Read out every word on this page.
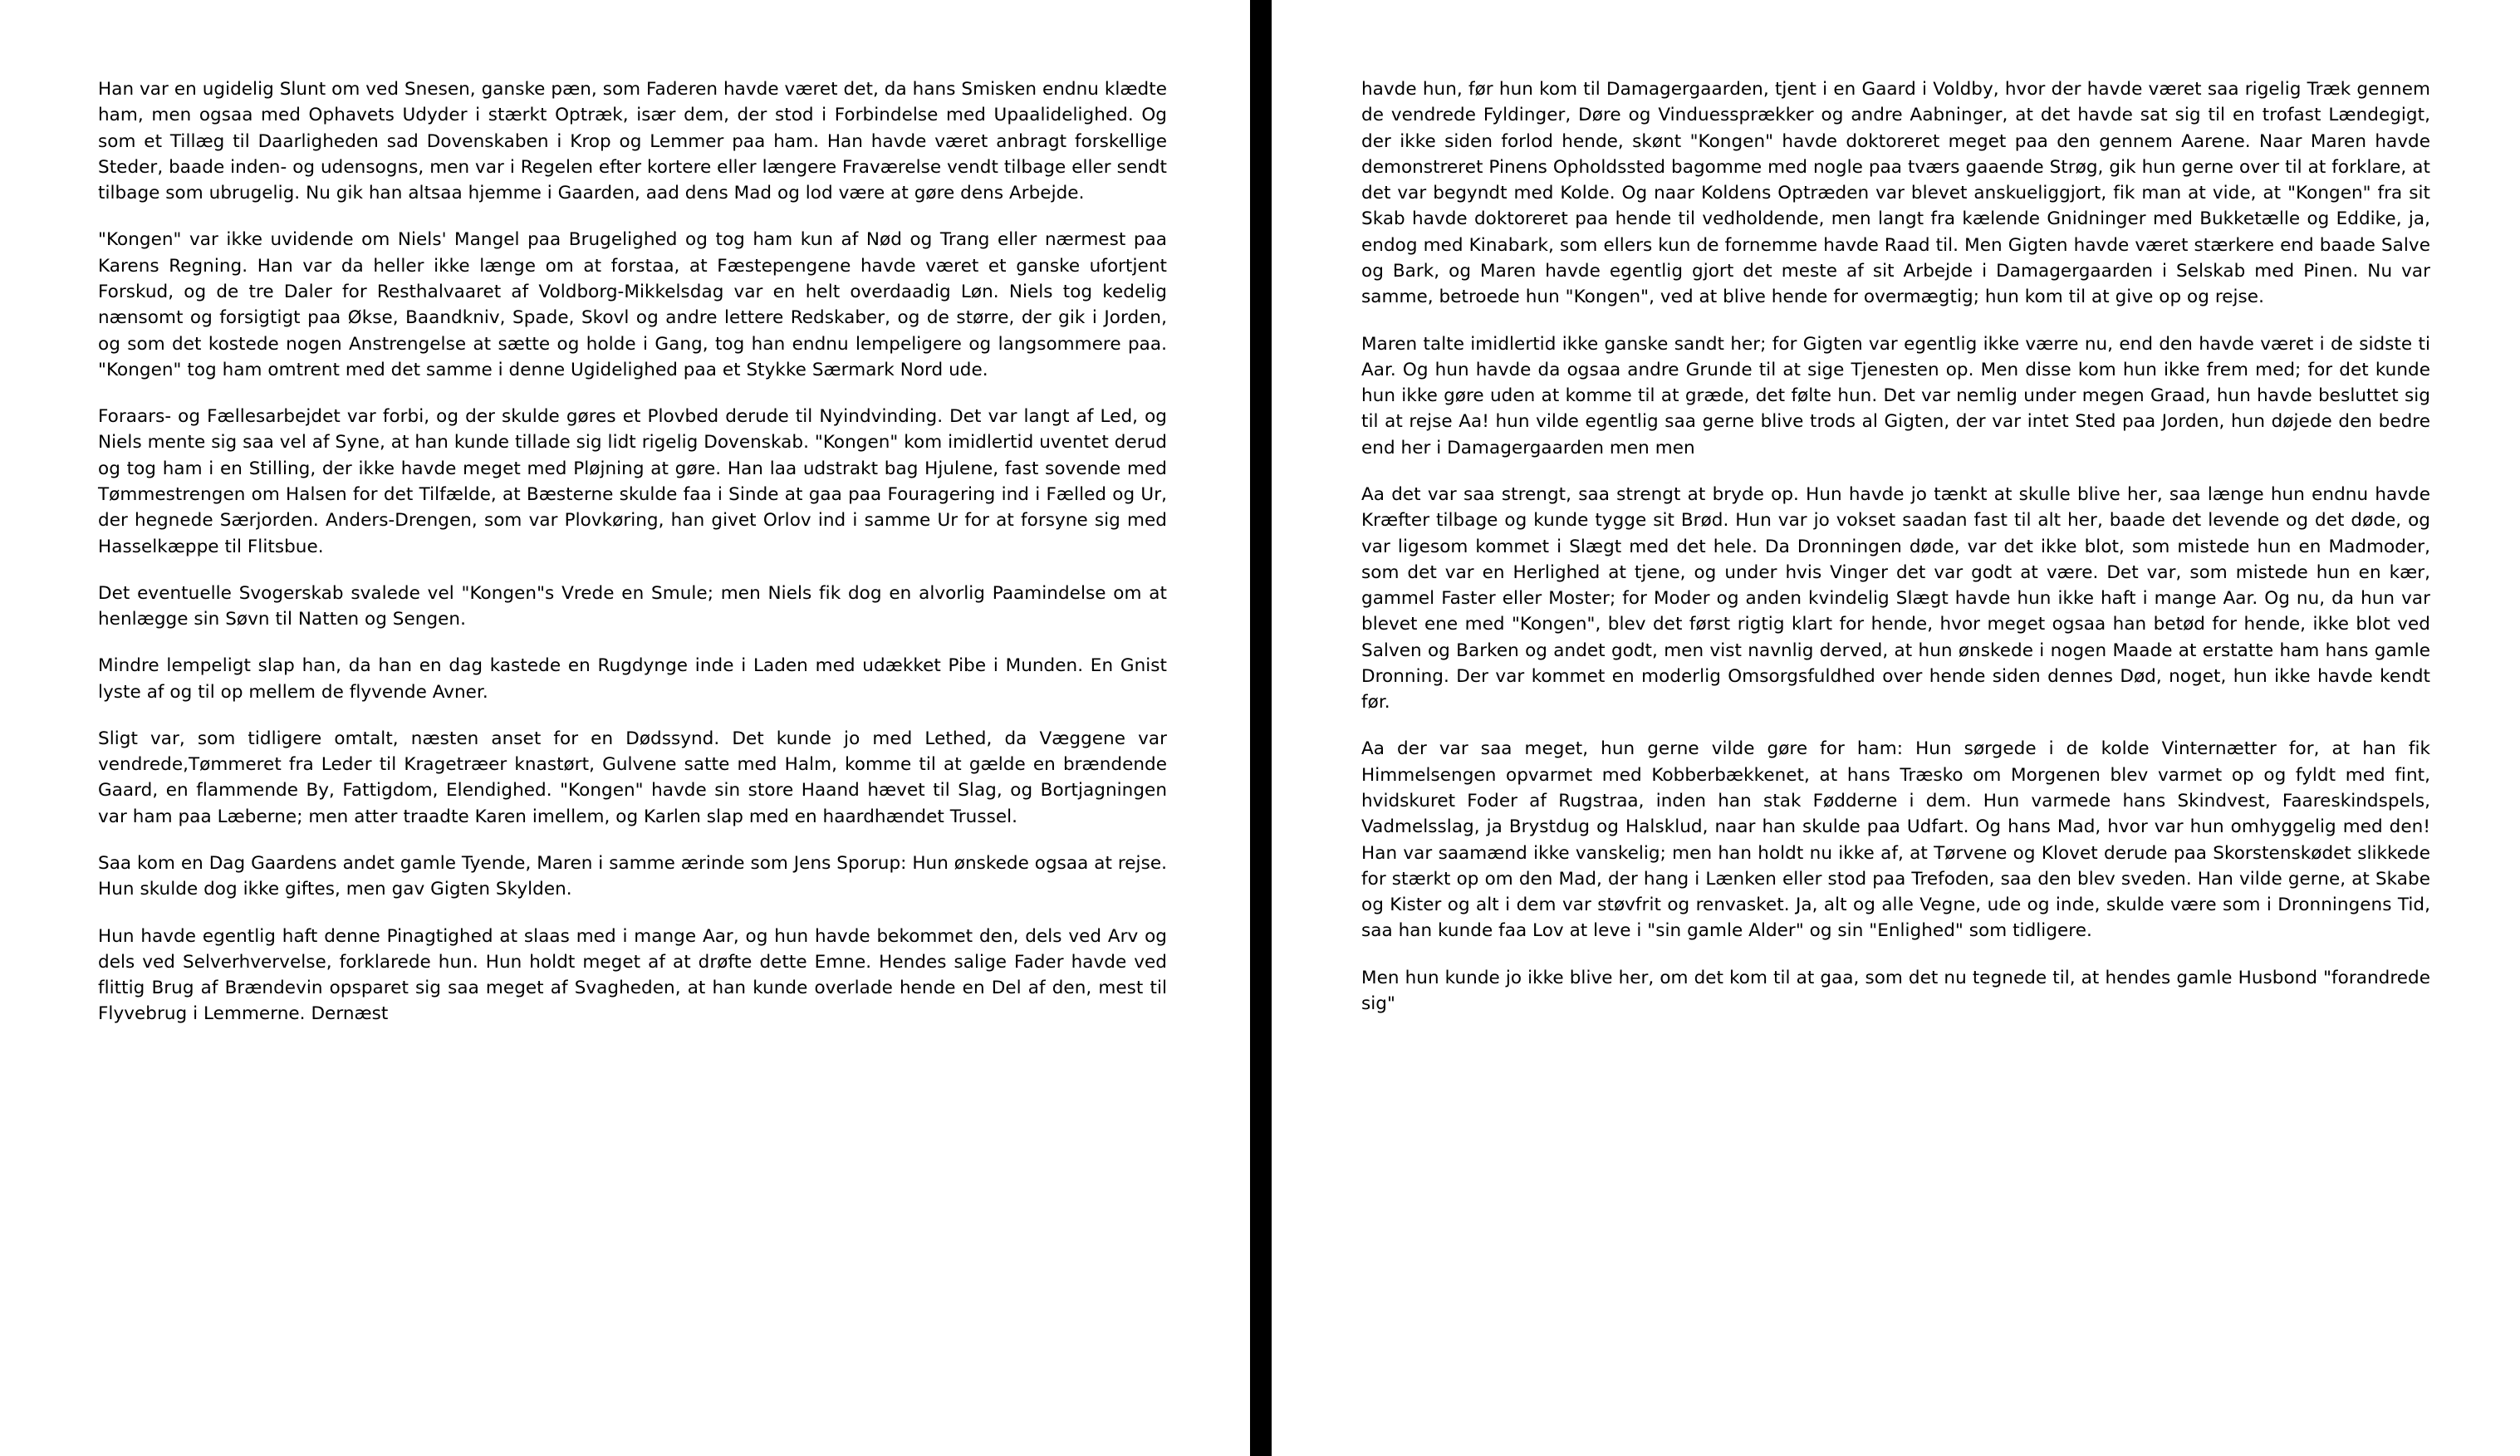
Han var en ugidelig Slunt om ved Snesen, ganske pæn, som Faderen havde været det, da hans Smisken endnu klædte ham, men ogsaa med Ophavets Udyder i stærkt Optræk, især dem, der stod i Forbindelse med Upaalidelighed. Og som et Tillæg til Daarligheden sad Dovenskaben i Krop og Lemmer paa ham. Han havde været anbragt forskellige Steder, baade inden- og udensogns, men var i Regelen efter kortere eller længere Fraværelse vendt tilbage eller sendt tilbage som ubrugelig. Nu gik han altsaa hjemme i Gaarden, aad dens Mad og lod være at gøre dens Arbejde.

"Kongen" var ikke uvidende om Niels' Mangel paa Brugelighed og tog ham kun af Nød og Trang eller nærmest paa Karens Regning. Han var da heller ikke længe om at forstaa, at Fæstepengene havde været et ganske ufortjent Forskud, og de tre Daler for Resthalvaaret af Voldborg-Mikkelsdag var en helt overdaadig Løn. Niels tog kedelig nænsomt og forsigtigt paa Økse, Baandkniv, Spade, Skovl og andre lettere Redskaber, og de større, der gik i Jorden, og som det kostede nogen Anstrengelse at sætte og holde i Gang, tog han endnu lempeligere og langsommere paa. "Kongen" tog ham omtrent med det samme i denne Ugidelighed paa et Stykke Særmark Nord ude.

Foraars- og Fællesarbejdet var forbi, og der skulde gøres et Plovbed derude til Nyindvinding. Det var langt af Led, og Niels mente sig saa vel af Syne, at han kunde tillade sig lidt rigelig Dovenskab. "Kongen" kom imidlertid uventet derud og tog ham i en Stilling, der ikke havde meget med Pløjning at gøre. Han laa udstrakt bag Hjulene, fast sovende med Tømmestrengen om Halsen for det Tilfælde, at Bæsterne skulde faa i Sinde at gaa paa Fouragering ind i Fælled og Ur, der hegnede Særjorden. Anders-Drengen, som var Plovkøring, han givet Orlov ind i samme Ur for at forsyne sig med Hasselkæppe til Flitsbue.

Det eventuelle Svogerskab svalede vel "Kongen"s Vrede en Smule; men Niels fik dog en alvorlig Paamindelse om at henlægge sin Søvn til Natten og Sengen.

Mindre lempeligt slap han, da han en dag kastede en Rugdynge inde i Laden med udækket Pibe i Munden. En Gnist lyste af og til op mellem de flyvende Avner.

Sligt var, som tidligere omtalt, næsten anset for en Dødssynd. Det kunde jo med Lethed, da Væggene var vendrede,Tømmeret fra Leder til Kragetræer knastørt, Gulvene satte med Halm, komme til at gælde en brændende Gaard, en flammende By, Fattigdom, Elendighed. "Kongen" havde sin store Haand hævet til Slag, og Bortjagningen var ham paa Læberne; men atter traadte Karen imellem, og Karlen slap med en haardhændet Trussel.

Saa kom en Dag Gaardens andet gamle Tyende, Maren i samme ærinde som Jens Sporup: Hun ønskede ogsaa at rejse. Hun skulde dog ikke giftes, men gav Gigten Skylden.

Hun havde egentlig haft denne Pinagtighed at slaas med i mange Aar, og hun havde bekommet den, dels ved Arv og dels ved Selverhvervelse, forklarede hun. Hun holdt meget af at drøfte dette Emne. Hendes salige Fader havde ved flittig Brug af Brændevin opsparet sig saa meget af Svagheden, at han kunde overlade hende en Del af den, mest til Flyvebrug i Lemmerne. Dernæst

havde hun, før hun kom til Damagergaarden, tjent i en Gaard i Voldby, hvor der havde været saa rigelig Træk gennem de vendrede Fyldinger, Døre og Vinduessprækker og andre Aabninger, at det havde sat sig til en trofast Lændegigt, der ikke siden forlod hende, skønt "Kongen" havde doktoreret meget paa den gennem Aarene. Naar Maren havde demonstreret Pinens Opholdssted bagomme med nogle paa tværs gaaende Strøg, gik hun gerne over til at forklare, at det var begyndt med Kolde. Og naar Koldens Optræden var blevet anskueliggjort, fik man at vide, at "Kongen" fra sit Skab havde doktoreret paa hende til vedholdende, men langt fra kælende Gnidninger med Bukketælle og Eddike, ja, endog med Kinabark, som ellers kun de fornemme havde Raad til. Men Gigten havde været stærkere end baade Salve og Bark, og Maren havde egentlig gjort det meste af sit Arbejde i Damagergaarden i Selskab med Pinen. Nu var samme, betroede hun "Kongen", ved at blive hende for overmægtig; hun kom til at give op og rejse.

Maren talte imidlertid ikke ganske sandt her; for Gigten var egentlig ikke værre nu, end den havde været i de sidste ti Aar. Og hun havde da ogsaa andre Grunde til at sige Tjenesten op. Men disse kom hun ikke frem med; for det kunde hun ikke gøre uden at komme til at græde, det følte hun. Det var nemlig under megen Graad, hun havde besluttet sig til at rejse Aa! hun vilde egentlig saa gerne blive trods al Gigten, der var intet Sted paa Jorden, hun døjede den bedre end her i Damagergaarden men men

Aa det var saa strengt, saa strengt at bryde op. Hun havde jo tænkt at skulle blive her, saa længe hun endnu havde Kræfter tilbage og kunde tygge sit Brød. Hun var jo vokset saadan fast til alt her, baade det levende og det døde, og var ligesom kommet i Slægt med det hele. Da Dronningen døde, var det ikke blot, som mistede hun en Madmoder, som det var en Herlighed at tjene, og under hvis Vinger det var godt at være. Det var, som mistede hun en kær, gammel Faster eller Moster; for Moder og anden kvindelig Slægt havde hun ikke haft i mange Aar. Og nu, da hun var blevet ene med "Kongen", blev det først rigtig klart for hende, hvor meget ogsaa han betød for hende, ikke blot ved Salven og Barken og andet godt, men vist navnlig derved, at hun ønskede i nogen Maade at erstatte ham hans gamle Dronning. Der var kommet en moderlig Omsorgsfuldhed over hende siden dennes Død, noget, hun ikke havde kendt før.

Aa der var saa meget, hun gerne vilde gøre for ham: Hun sørgede i de kolde Vinternætter for, at han fik Himmelsengen opvarmet med Kobberbækkenet, at hans Træsko om Morgenen blev varmet op og fyldt med fint, hvidskuret Foder af Rugstraa, inden han stak Fødderne i dem. Hun varmede hans Skindvest, Faareskindspels, Vadmelsslag, ja Brystdug og Halsklud, naar han skulde paa Udfart. Og hans Mad, hvor var hun omhyggelig med den! Han var saamænd ikke vanskelig; men han holdt nu ikke af, at Tørvene og Klovet derude paa Skorstenskødet slikkede for stærkt op om den Mad, der hang i Lænken eller stod paa Trefoden, saa den blev sveden. Han vilde gerne, at Skabe og Kister og alt i dem var støvfrit og renvasket. Ja, alt og alle Vegne, ude og inde, skulde være som i Dronningens Tid, saa han kunde faa Lov at leve i "sin gamle Alder" og sin "Enlighed" som tidligere.

Men hun kunde jo ikke blive her, om det kom til at gaa, som det nu tegnede til, at hendes gamle Husbond "forandrede sig"
